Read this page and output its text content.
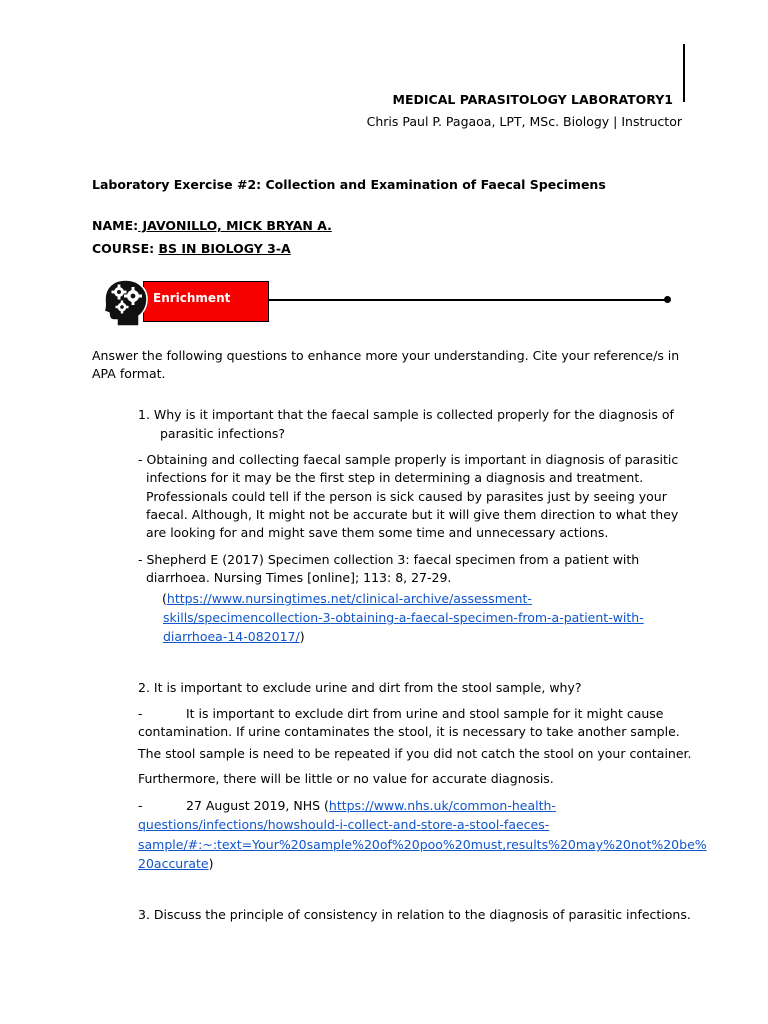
MEDICAL PARASITOLOGY LABORATORY1
Chris Paul P. Pagaoa, LPT, MSc. Biology | Instructor
Laboratory Exercise #2: Collection and Examination of Faecal Specimens
NAME: JAVONILLO, MICK BRYAN A.
COURSE: BS IN BIOLOGY 3-A
Enrichment
Answer the following questions to enhance more your understanding. Cite your reference/s in
APA format.
1. Why is it important that the faecal sample is collected properly for the diagnosis of
parasitic infections?
- Obtaining and collecting faecal sample properly is important in diagnosis of parasitic
infections for it may be the first step in determining a diagnosis and treatment.
Professionals could tell if the person is sick caused by parasites just by seeing your
faecal. Although, It might not be accurate but it will give them direction to what they
are looking for and might save them some time and unnecessary actions.
- Shepherd E (2017) Specimen collection 3: faecal specimen from a patient with
diarrhoea. Nursing Times [online]; 113: 8, 27-29.
(https://www.nursingtimes.net/clinical-archive/assessment-
skills/specimencollection-3-obtaining-a-faecal-specimen-from-a-patient-with-
diarrhoea-14-082017/)
2. It is important to exclude urine and dirt from the stool sample, why?
-	It is important to exclude dirt from urine and stool sample for it might cause
contamination. If urine contaminates the stool, it is necessary to take another sample.
The stool sample is need to be repeated if you did not catch the stool on your container.
Furthermore, there will be little or no value for accurate diagnosis.
-	27 August 2019, NHS (https://www.nhs.uk/common-health-
questions/infections/howshould-i-collect-and-store-a-stool-faeces-
sample/#:~:text=Your%20sample%20of%20poo%20must,results%20may%20not%20be%
20accurate)
3. Discuss the principle of consistency in relation to the diagnosis of parasitic infections.
